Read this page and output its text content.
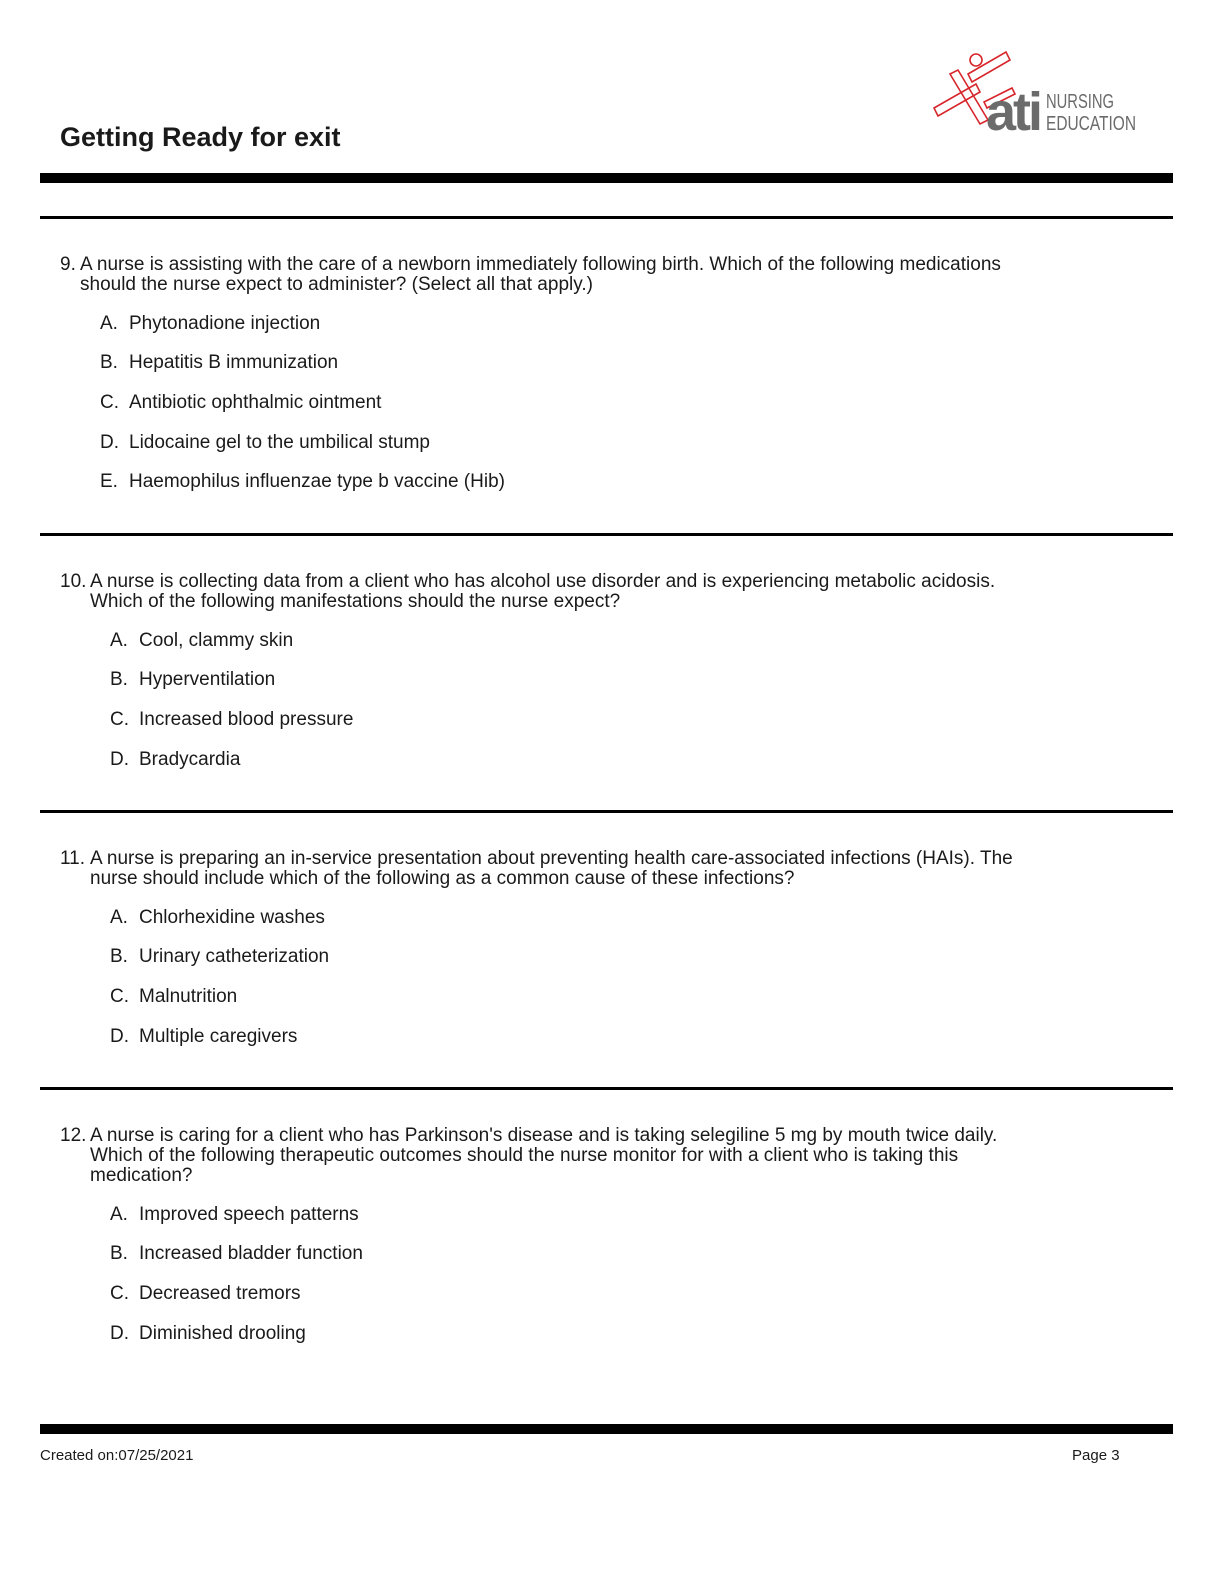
Getting Ready for exit	ati NURSING
EDUCATION
9. A nurse is assisting with the care of a newborn immediately following birth. Which of the following medications
should the nurse expect to administer? (Select all that apply.)

A. Phytonadione injection
B. Hepatitis B immunization
C. Antibiotic ophthalmic ointment
D. Lidocaine gel to the umbilical stump
E. Haemophilus influenzae type b vaccine (Hib)
10. A nurse is collecting data from a client who has alcohol use disorder and is experiencing metabolic acidosis.
Which of the following manifestations should the nurse expect?

A. Cool, clammy skin
B. Hyperventilation
C. Increased blood pressure
D. Bradycardia
11. A nurse is preparing an in-service presentation about preventing health care-associated infections (HAIs). The
nurse should include which of the following as a common cause of these infections?

A. Chlorhexidine washes
B. Urinary catheterization
C. Malnutrition
D. Multiple caregivers
12. A nurse is caring for a client who has Parkinson's disease and is taking selegiline 5 mg by mouth twice daily.
Which of the following therapeutic outcomes should the nurse monitor for with a client who is taking this
medication?

A. Improved speech patterns
B. Increased bladder function
C. Decreased tremors
D. Diminished drooling
Created on:07/25/2021	Page 3
